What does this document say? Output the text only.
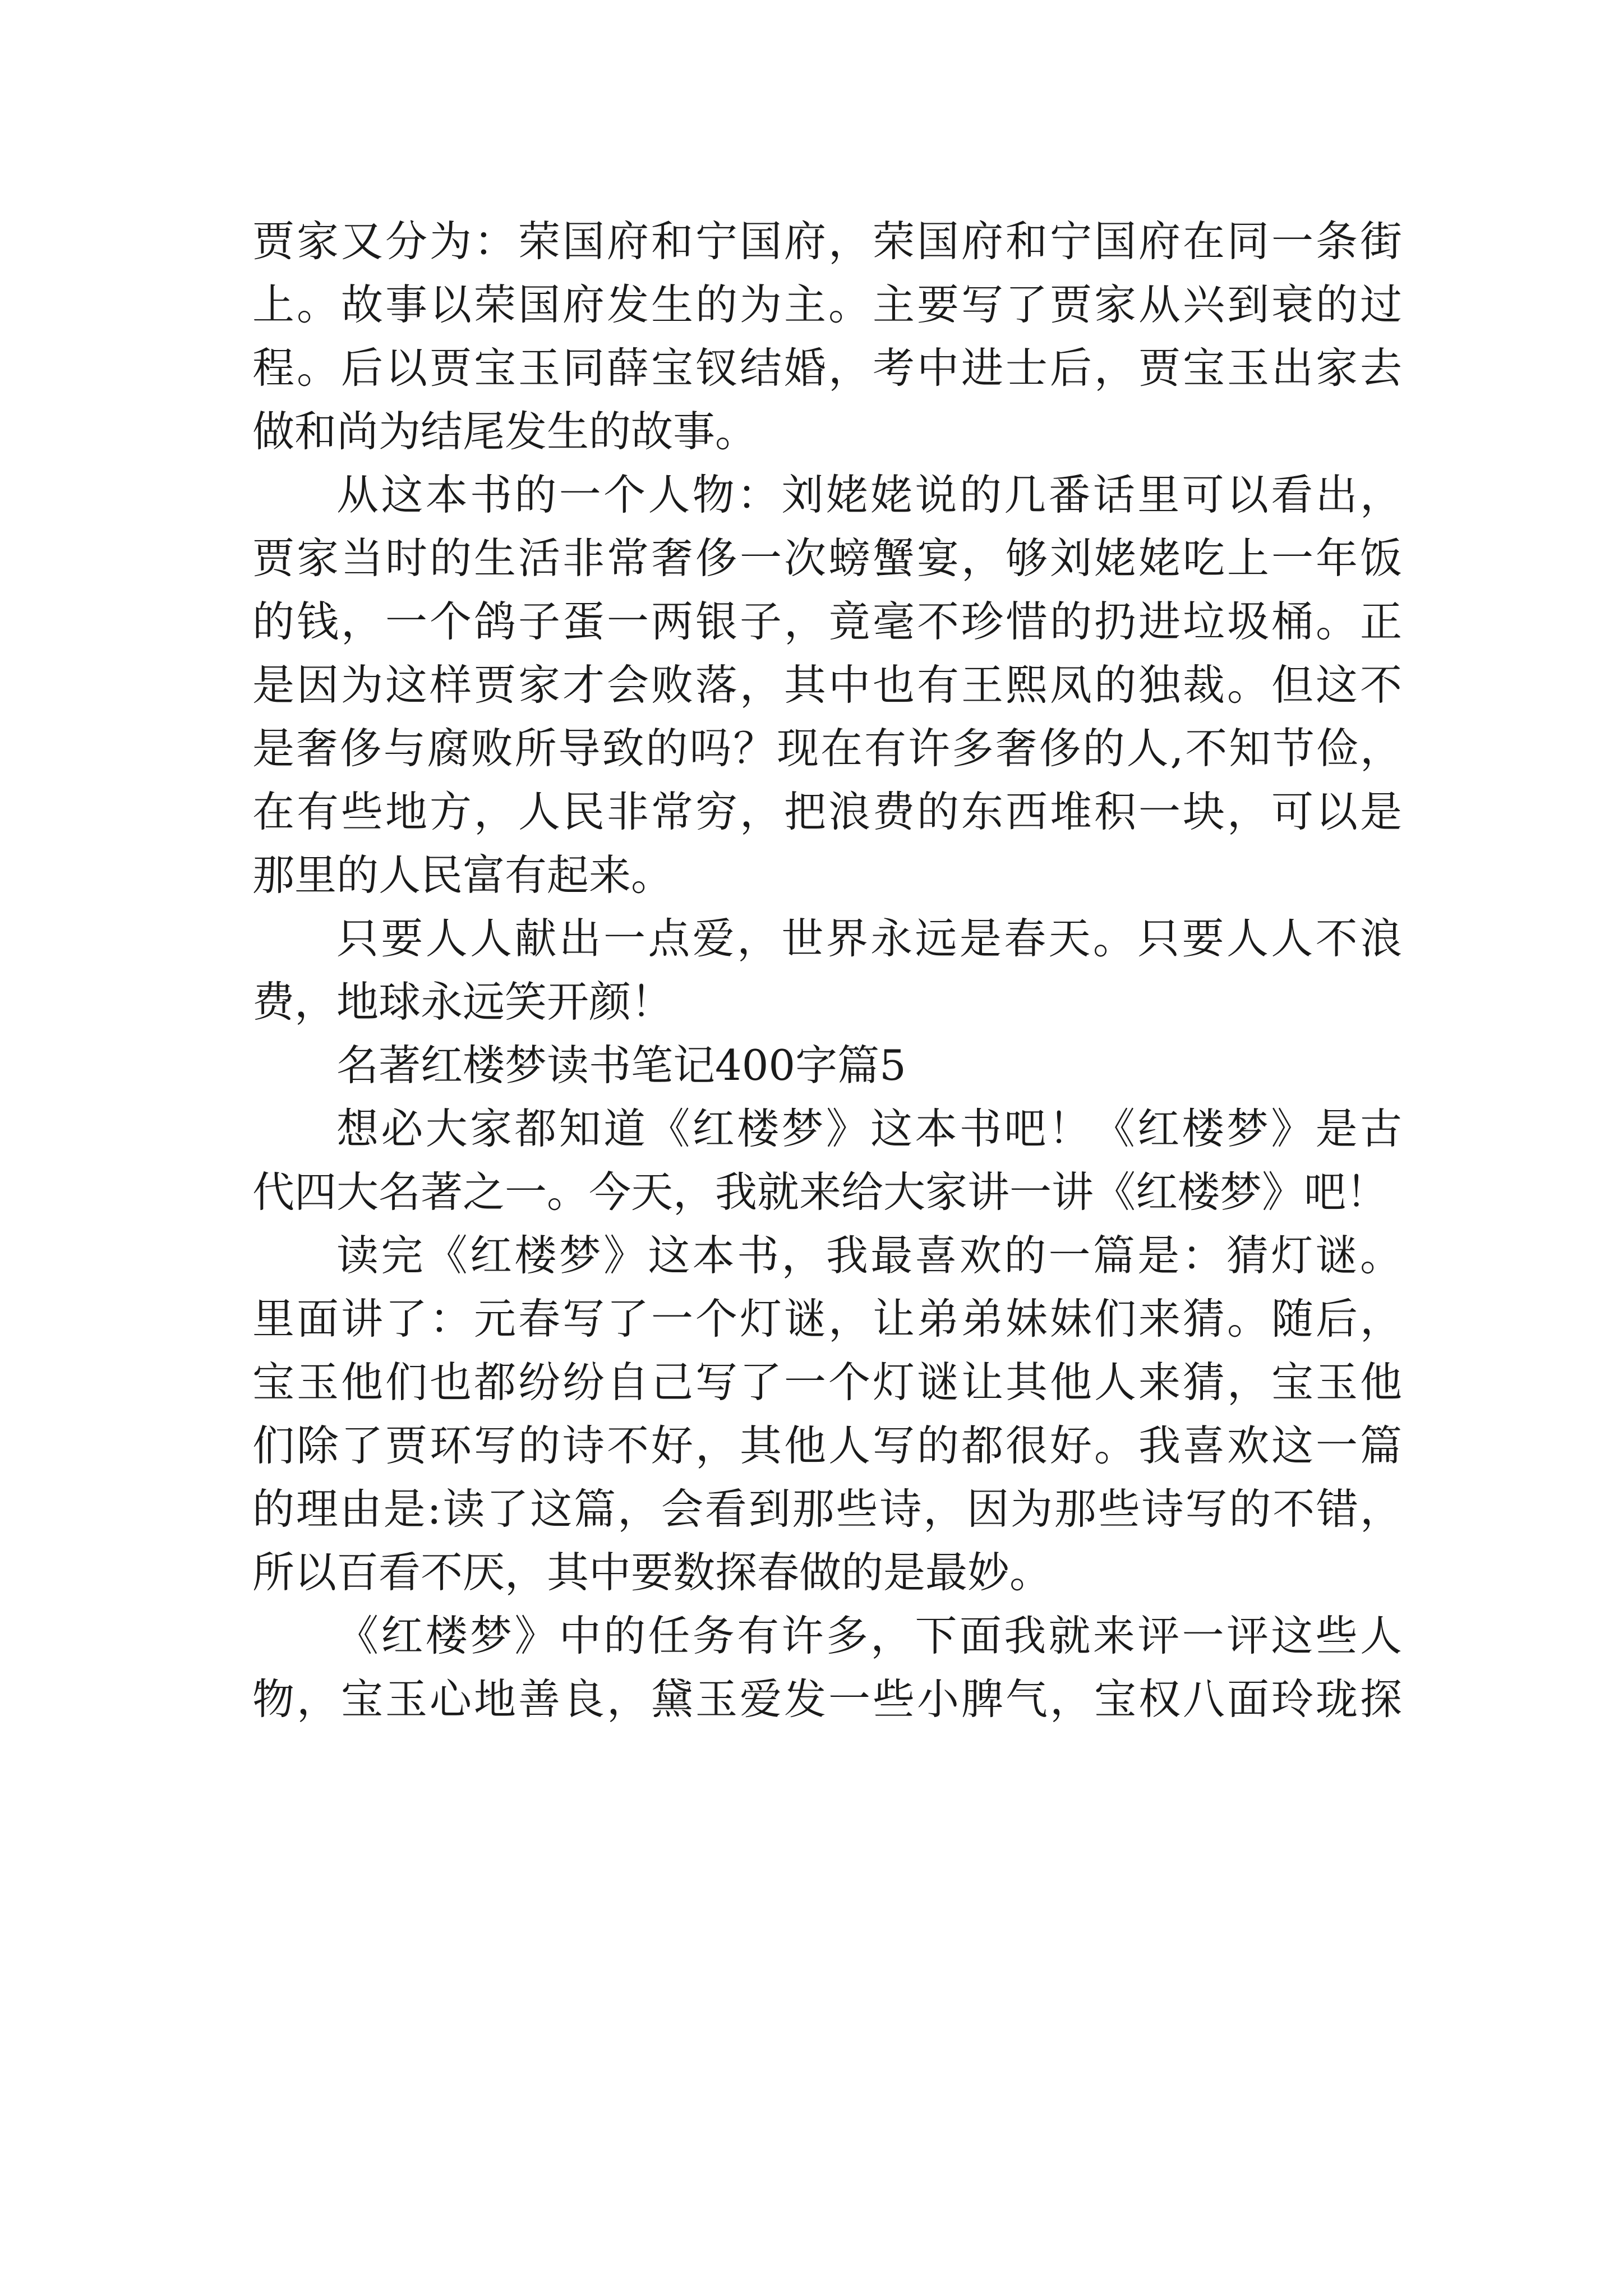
贾家又分为：荣国府和宁国府，荣国府和宁国府在同一条街
上。故事以荣国府发生的为主。主要写了贾家从兴到衰的过
程。后以贾宝玉同薛宝钗结婚，考中进士后，贾宝玉出家去
做和尚为结尾发生的故事。
从这本书的一个人物：刘姥姥说的几番话里可以看出，
贾家当时的生活非常奢侈一次螃蟹宴，够刘姥姥吃上一年饭
的钱，一个鸽子蛋一两银子，竟毫不珍惜的扔进垃圾桶。正
是因为这样贾家才会败落，其中也有王熙凤的独裁。但这不
是奢侈与腐败所导致的吗？现在有许多奢侈的人,不知节俭，
在有些地方，人民非常穷，把浪费的东西堆积一块，可以是
那里的人民富有起来。
只要人人献出一点爱，世界永远是春天。只要人人不浪
费，地球永远笑开颜！
名著红楼梦读书笔记400字篇5
想必大家都知道《红楼梦》这本书吧！《红楼梦》是古
代四大名著之一。今天，我就来给大家讲一讲《红楼梦》吧！
读完《红楼梦》这本书，我最喜欢的一篇是：猜灯谜。
里面讲了：元春写了一个灯谜，让弟弟妹妹们来猜。随后，
宝玉他们也都纷纷自己写了一个灯谜让其他人来猜，宝玉他
们除了贾环写的诗不好，其他人写的都很好。我喜欢这一篇
的理由是:读了这篇，会看到那些诗，因为那些诗写的不错，
所以百看不厌，其中要数探春做的是最妙。
《红楼梦》中的任务有许多，下面我就来评一评这些人
物，宝玉心地善良，黛玉爱发一些小脾气，宝权八面玲珑探
